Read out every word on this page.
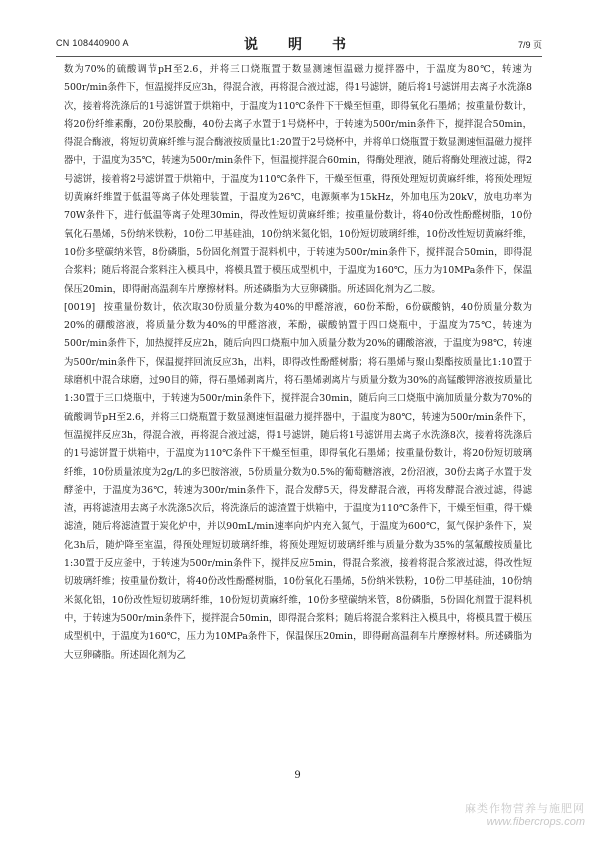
CN 108440900 A	说　明　书	7/9 页

数为70%的硫酸调节pH至2.6，并将三口烧瓶置于数显测速恒温磁力搅拌器中，于温度为80℃，转速为500r/min条件下，恒温搅拌反应3h，得混合液，再将混合液过滤，得1号滤饼，随后将1号滤饼用去离子水洗涤8次，接着将洗涤后的1号滤饼置于烘箱中，于温度为110℃条件下干燥至恒重，即得氧化石墨烯；按重量份数计，将20份纤维素酶，20份果胶酶，40份去离子水置于1号烧杯中，于转速为500r/min条件下，搅拌混合50min，得混合酶液，将短切黄麻纤维与混合酶液按质量比1:20置于2号烧杯中，并将单口烧瓶置于数显测速恒温磁力搅拌器中，于温度为35℃，转速为500r/min条件下，恒温搅拌混合60min，得酶处理液，随后将酶处理液过滤，得2号滤饼，接着将2号滤饼置于烘箱中，于温度为110℃条件下，干燥至恒重，得预处理短切黄麻纤维，将预处理短切黄麻纤维置于低温等离子体处理装置，于温度为26℃，电源频率为15kHz，外加电压为20kV，放电功率为70W条件下，进行低温等离子处理30min，得改性短切黄麻纤维；按重量份数计，将40份改性酚醛树脂，10份氧化石墨烯，5份纳米铁粉，10份二甲基硅油，10份纳米氮化铝，10份短切玻璃纤维，10份改性短切黄麻纤维，10份多壁碳纳米管，8份磷脂，5份固化剂置于混料机中，于转速为500r/min条件下，搅拌混合50min，即得混合浆料；随后将混合浆料注入模具中，将模具置于模压成型机中，于温度为160℃，压力为10MPa条件下，保温保压20min，即得耐高温刹车片摩擦材料。所述磷脂为大豆卵磷脂。所述固化剂为乙二胺。

[0019] 按重量份数计，依次取30份质量分数为40%的甲醛溶液，60份苯酚，6份碳酸钠，40份质量分数为20%的硼酸溶液，将质量分数为40%的甲醛溶液，苯酚，碳酸钠置于四口烧瓶中，于温度为75℃，转速为500r/min条件下，加热搅拌反应2h，随后向四口烧瓶中加入质量分数为20%的硼酸溶液，于温度为98℃，转速为500r/min条件下，保温搅拌回流反应3h，出料，即得改性酚醛树脂；将石墨烯与聚山梨酯按质量比1:10置于球磨机中混合球磨，过90目的筛，得石墨烯剥离片，将石墨烯剥离片与质量分数为30%的高锰酸钾溶液按质量比1:30置于三口烧瓶中，于转速为500r/min条件下，搅拌混合30min，随后向三口烧瓶中滴加质量分数为70%的硫酸调节pH至2.6，并将三口烧瓶置于数显测速恒温磁力搅拌器中，于温度为80℃，转速为500r/min条件下，恒温搅拌反应3h，得混合液，再将混合液过滤，得1号滤饼，随后将1号滤饼用去离子水洗涤8次，接着将洗涤后的1号滤饼置于烘箱中，于温度为110℃条件下干燥至恒重，即得氧化石墨烯；按重量份数计，将20份短切玻璃纤维，10份质量浓度为2g/L的多巴胺溶液，5份质量分数为0.5%的葡萄糖溶液，2份沼液，30份去离子水置于发酵釜中，于温度为36℃，转速为300r/min条件下，混合发酵5天，得发酵混合液，再将发酵混合液过滤，得滤渣，再将滤渣用去离子水洗涤5次后，将洗涤后的滤渣置于烘箱中，于温度为110℃条件下，干燥至恒重，得干燥滤渣，随后将滤渣置于炭化炉中，并以90mL/min速率向炉内充入氮气，于温度为600℃，氮气保护条件下，炭化3h后，随炉降至室温，得预处理短切玻璃纤维，将预处理短切玻璃纤维与质量分数为35%的氢氟酸按质量比1:30置于反应釜中，于转速为500r/min条件下，搅拌反应5min，得混合浆液，接着将混合浆液过滤，得改性短切玻璃纤维；按重量份数计，将40份改性酚醛树脂，10份氧化石墨烯，5份纳米铁粉，10份二甲基硅油，10份纳米氮化铝，10份改性短切玻璃纤维，10份短切黄麻纤维，10份多壁碳纳米管，8份磷脂，5份固化剂置于混料机中，于转速为500r/min条件下，搅拌混合50min，即得混合浆料；随后将混合浆料注入模具中，将模具置于模压成型机中，于温度为160℃，压力为10MPa条件下，保温保压20min，即得耐高温刹车片摩擦材料。所述磷脂为大豆卵磷脂。所述固化剂为乙

9
麻类作物营养与施肥网
www.fibercrops.com
